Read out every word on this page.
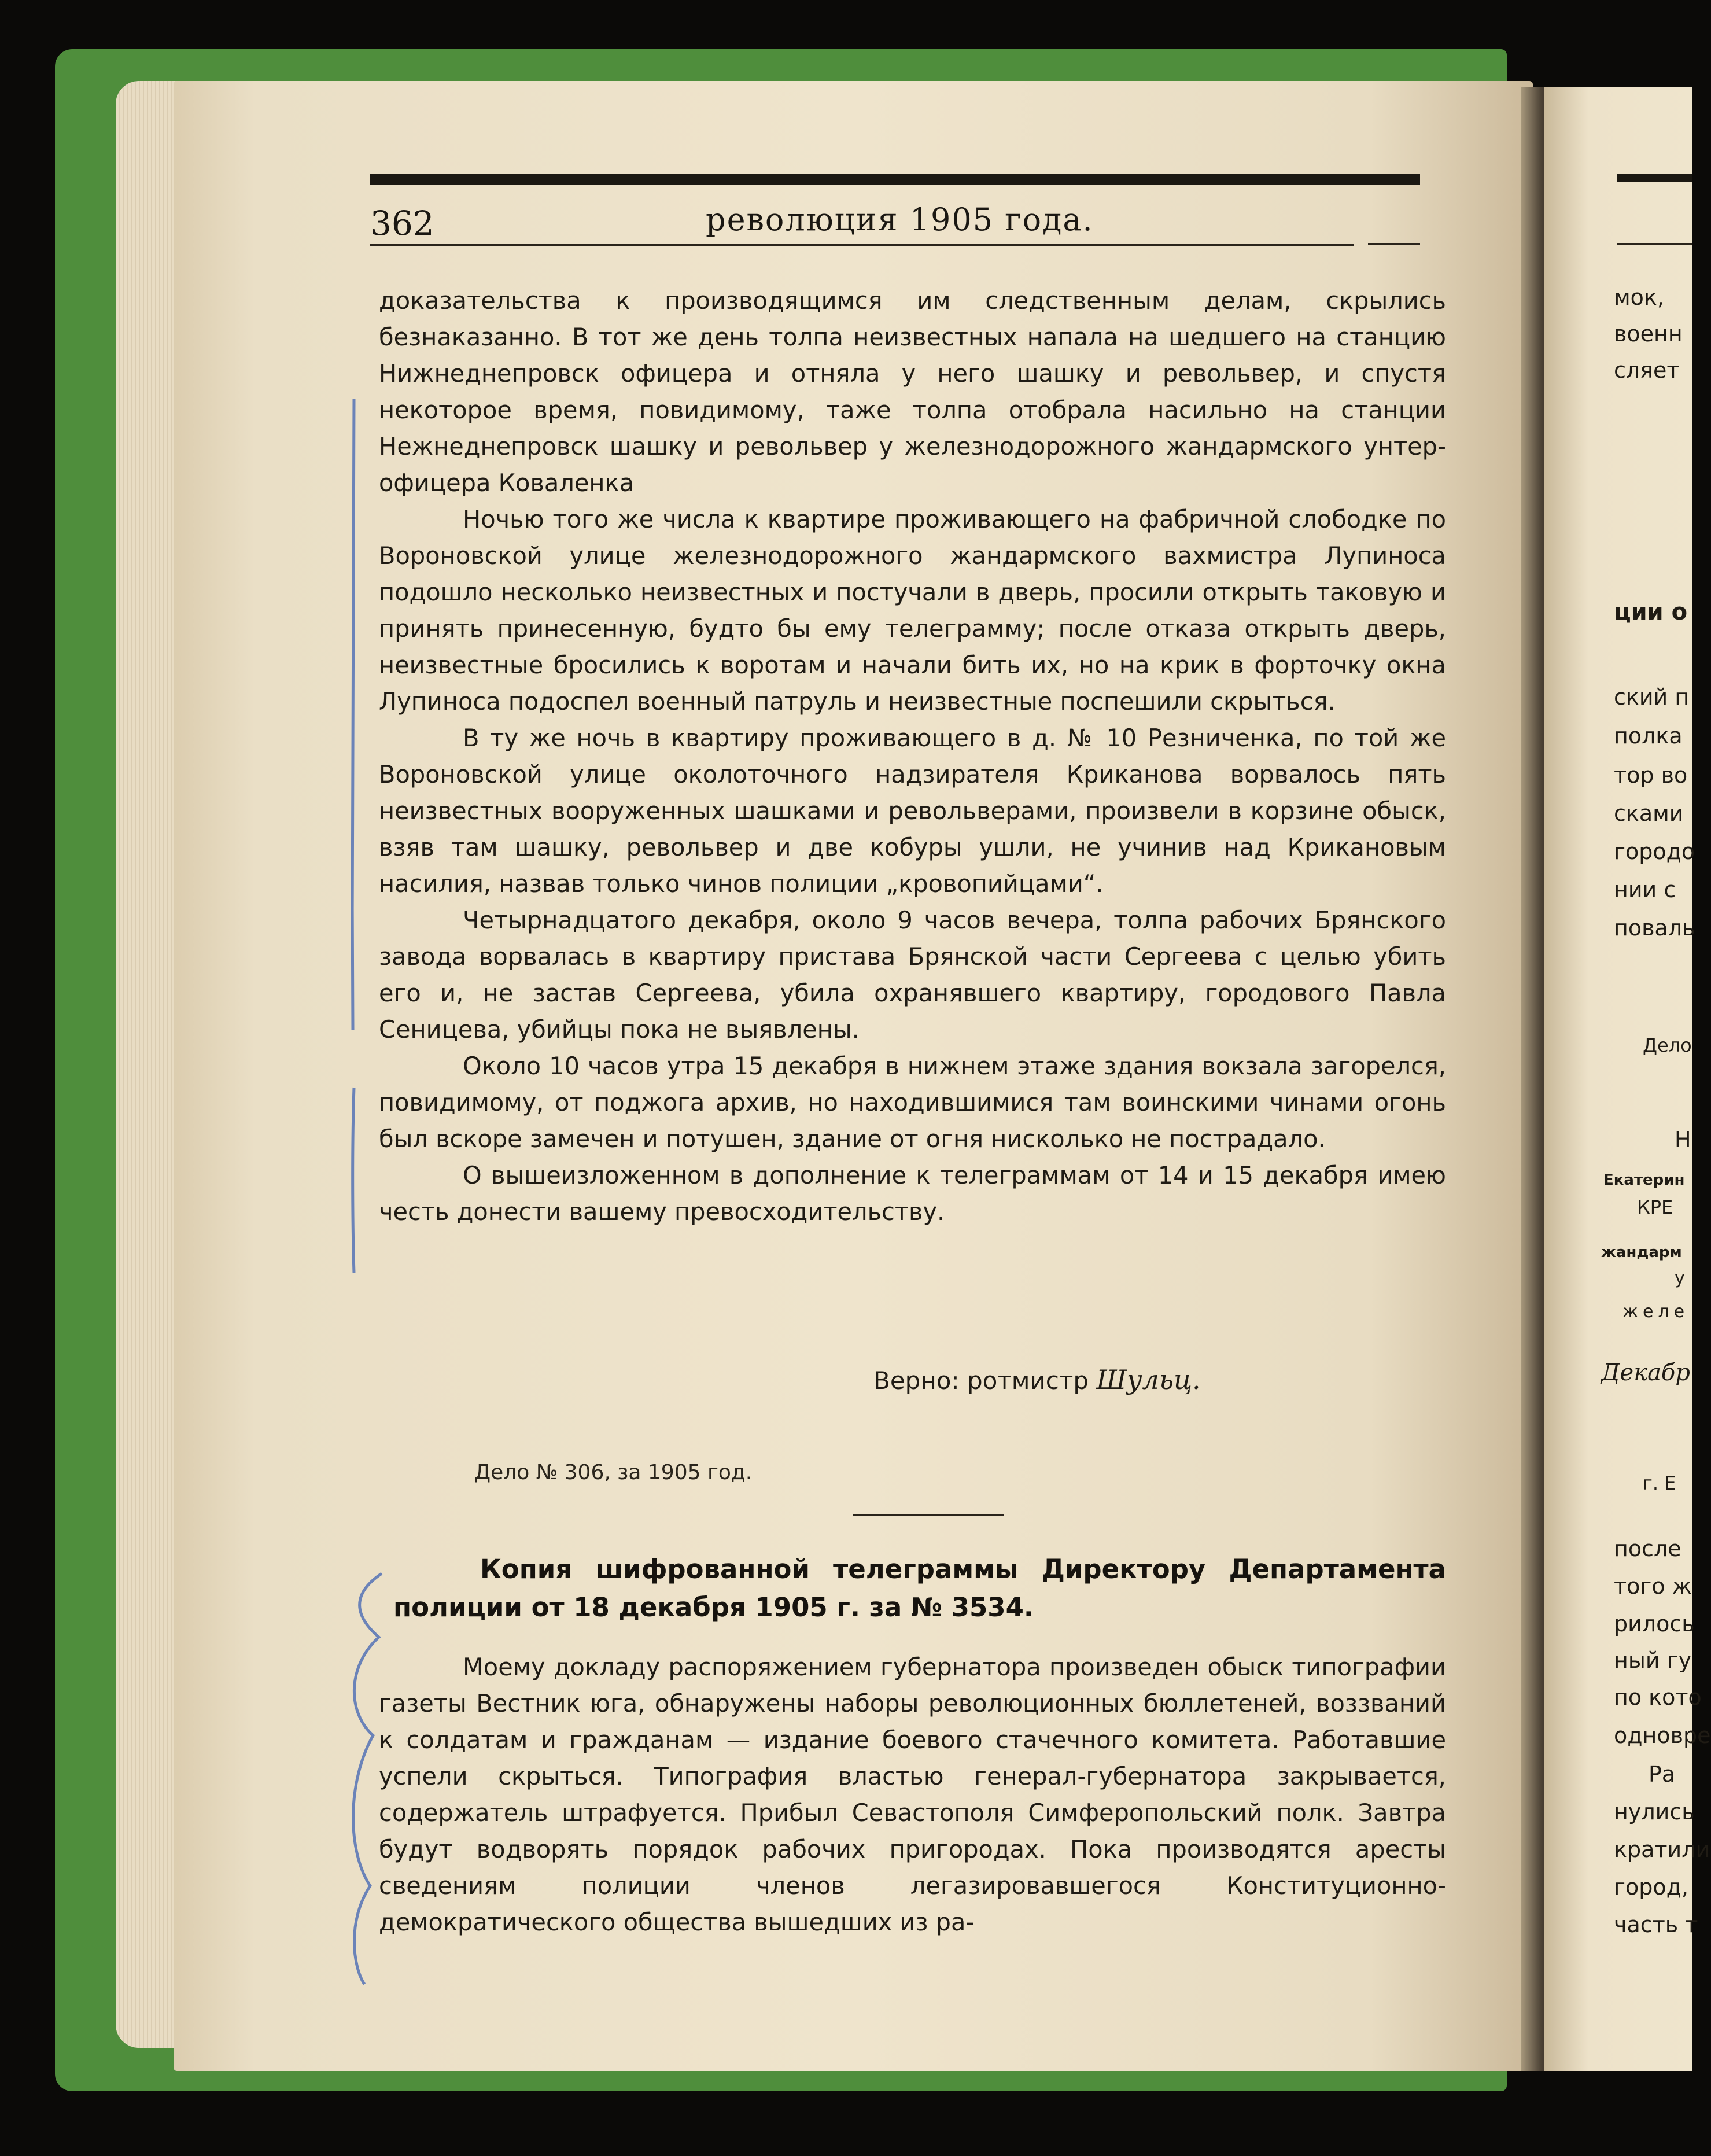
362	революция 1905 года.

доказательства к производящимся им следственным делам, скрылись безнаказанно. В тот же день толпа неизвестных напала на шедшего на станцию Нижнеднепровск офицера и отняла у него шашку и револьвер, и спустя некоторое время, повидимому, таже толпа отобрала насильно на станции Нежнеднепровск шашку и револьвер у железнодорожного жандармского унтер-офицера Коваленка

Ночью того же числа к квартире проживающего на фабричной слободке по Вороновской улице железнодорожного жандармского вахмистра Лупиноса подошло несколько неизвестных и постучали в дверь, просили открыть таковую и принять принесенную, будто бы ему телеграмму; после отказа открыть дверь, неизвестные бросились к воротам и начали бить их, но на крик в форточку окна Лупиноса подоспел военный патруль и неизвестные поспешили скрыться.

В ту же ночь в квартиру проживающего в д. № 10 Резниченка, по той же Вороновской улице околоточного надзирателя Криканова ворвалось пять неизвестных вооруженных шашками и револьверами, произвели в корзине обыск, взяв там шашку, револьвер и две кобуры ушли, не учинив над Крикановым насилия, назвав только чинов полиции „кровопийцами“.

Четырнадцатого декабря, около 9 часов вечера, толпа рабочих Брянского завода ворвалась в квартиру пристава Брянской части Сергеева с целью убить его и, не застав Сергеева, убила охранявшего квартиру, городового Павла Сеницева, убийцы пока не выявлены.

Около 10 часов утра 15 декабря в нижнем этаже здания вокзала загорелся, повидимому, от поджога архив, но находившимися там воинскими чинами огонь был вскоре замечен и потушен, здание от огня нисколько не пострадало.

О вышеизложенном в дополнение к телеграммам от 14 и 15 декабря имею честь донести вашему превосходительству.

Верно: ротмистр Шульц.
Дело № 306, за 1905 год.

Копия шифрованной телеграммы Директору Департамента полиции от 18 декабря 1905 г. за № 3534.

Моему докладу распоряжением губернатора произведен обыск типографии газеты Вестник юга, обнаружены наборы революционных бюллетеней, воззваний к солдатам и гражданам — издание боевого стачечного комитета. Работавшие успели скрыться. Типография властью генерал-губернатора закрывается, содержатель штрафуется. Прибыл Севастополя Симферопольский полк. Завтра будут водворять порядок рабочих пригородах. Пока производятся аресты сведениям полиции членов легазировавшегося Конституционно-демократического общества вышедших из ра-

мок,
военн
сляет
ции о
ский п
полка
тор во
сками
городо
нии с
поваль
Дело
Н
Екатерин
КРЕ
жандарм
у
желе
Декабр
г. Е
после
того ж
рилось
ный гу
по кото
одновре
Ра
нулись
кратили
город,
часть т
